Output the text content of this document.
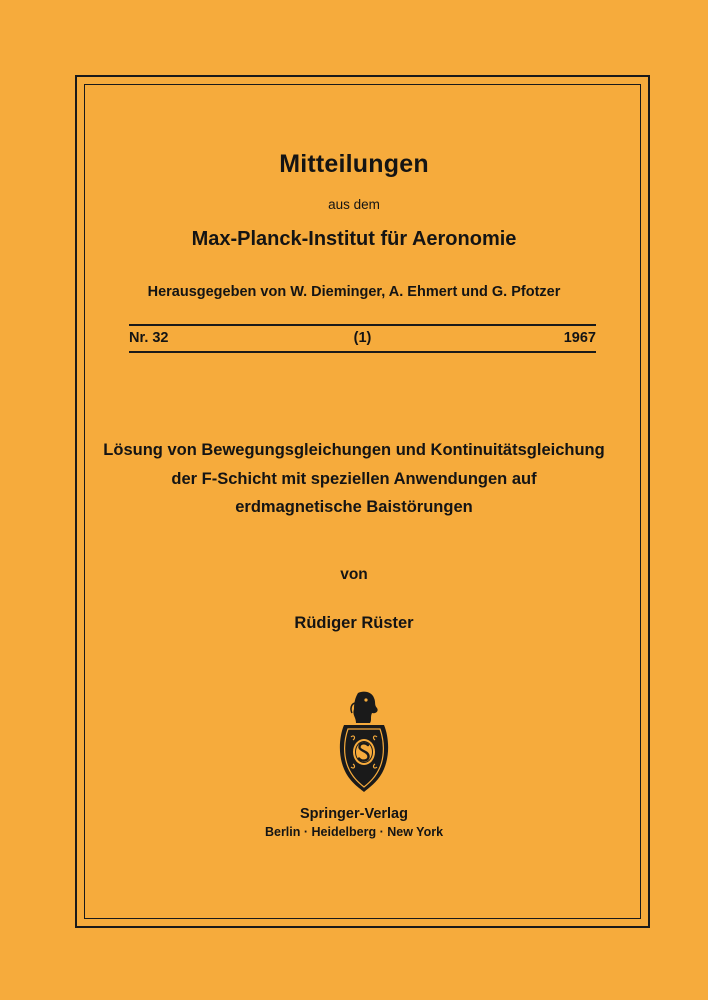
Mitteilungen
aus dem
Max-Planck-Institut für Aeronomie
Herausgegeben von W. Dieminger, A. Ehmert und G. Pfotzer
Nr. 32	(1)	1967
Lösung von Bewegungsgleichungen und Kontinuitätsgleichung
der F-Schicht mit speziellen Anwendungen auf
erdmagnetische Baistörungen
von
Rüdiger Rüster
Springer-Verlag
Berlin · Heidelberg · New York
